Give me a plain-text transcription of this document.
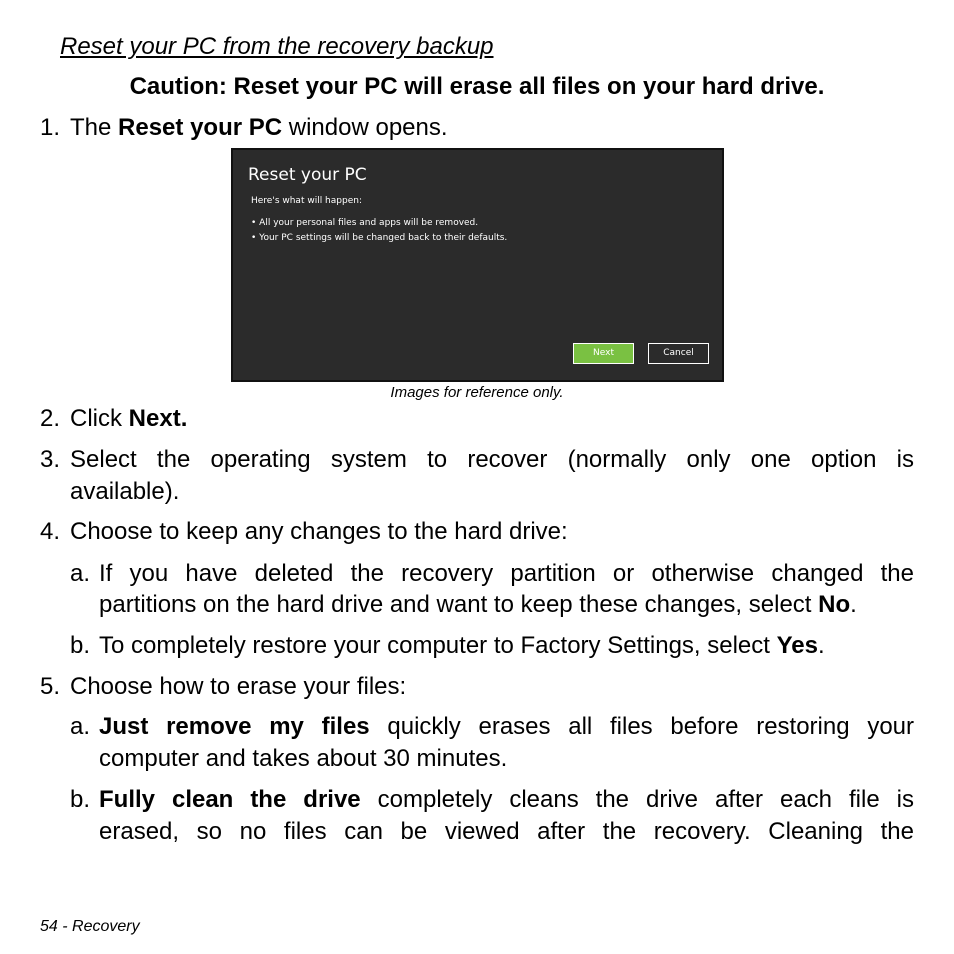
Reset your PC from the recovery backup
Caution: Reset your PC will erase all files on your hard drive.
1. The Reset your PC window opens.
Reset your PC
Here's what will happen:
• All your personal files and apps will be removed.
• Your PC settings will be changed back to their defaults.
Next	Cancel
Images for reference only.
2. Click Next.
3. Select the operating system to recover (normally only one option is
available).
4. Choose to keep any changes to the hard drive:
a. If you have deleted the recovery partition or otherwise changed the
partitions on the hard drive and want to keep these changes, select No.
b. To completely restore your computer to Factory Settings, select Yes.
5. Choose how to erase your files:
a. Just remove my files quickly erases all files before restoring your
computer and takes about 30 minutes.
b. Fully clean the drive completely cleans the drive after each file is
erased, so no files can be viewed after the recovery. Cleaning the
54 - Recovery
